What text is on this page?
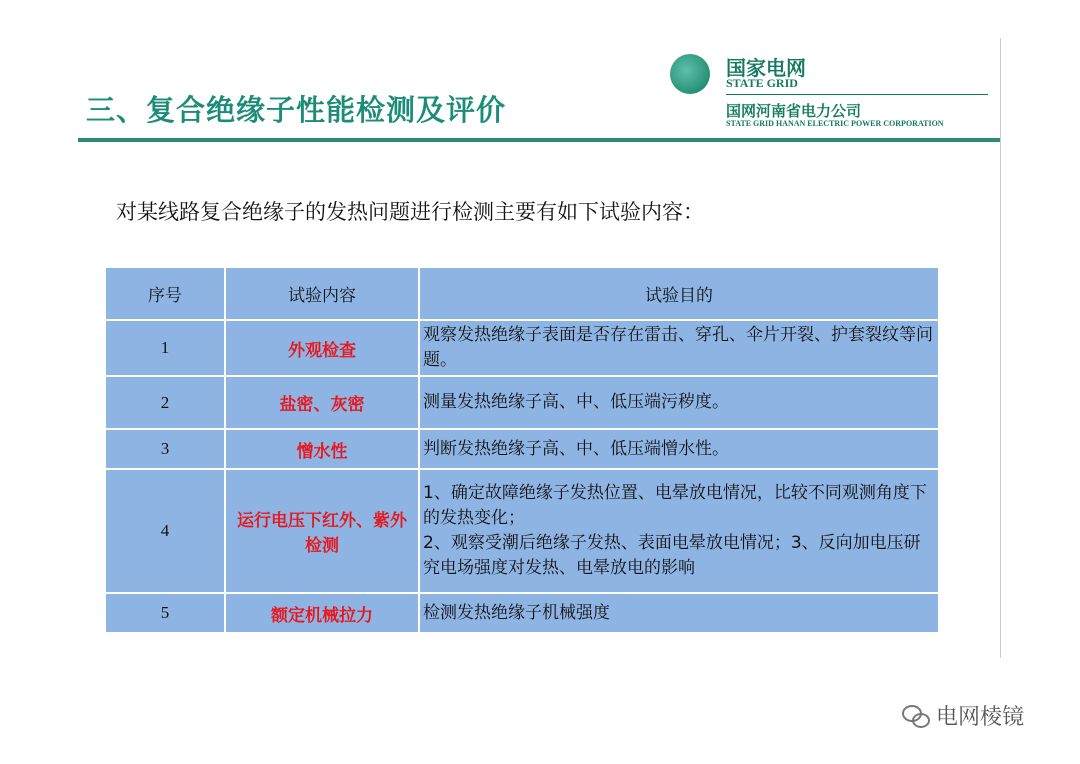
三、复合绝缘子性能检测及评价
国家电网
STATE GRID
国网河南省电力公司
STATE GRID HANAN ELECTRIC POWER CORPORATION
对某线路复合绝缘子的发热问题进行检测主要有如下试验内容：
序号	试验内容	试验目的
1	外观检查	观察发热绝缘子表面是否存在雷击、穿孔、伞片开裂、护套裂纹等问题。
2	盐密、灰密	测量发热绝缘子高、中、低压端污秽度。
3	憎水性	判断发热绝缘子高、中、低压端憎水性。
4	运行电压下红外、紫外检测	1、确定故障绝缘子发热位置、电晕放电情况，比较不同观测角度下的发热变化；
2、观察受潮后绝缘子发热、表面电晕放电情况；3、反向加电压研究电场强度对发热、电晕放电的影响
5	额定机械拉力	检测发热绝缘子机械强度
电网棱镜
